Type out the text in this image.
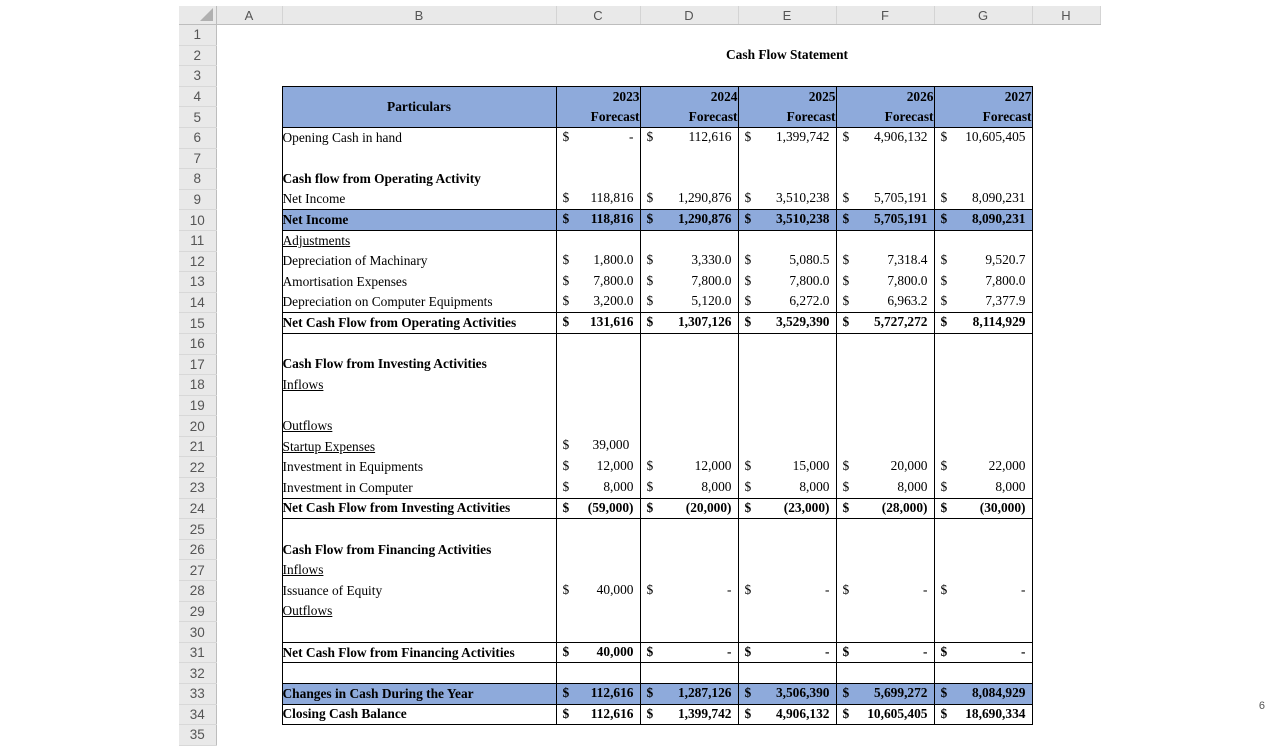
	A	B	C	D	E	F	G	H
1								
2				Cash Flow Statement				
3								
4		Particulars	2023	2024	2025	2026	2027	
5			Forecast	Forecast	Forecast	Forecast	Forecast	
6		Opening Cash in hand	$ -	$ 112,616	$ 1,399,742	$ 4,906,132	$ 10,605,405	

7								
8		Cash flow from Operating Activity						
9		Net Income	$ 118,816	$ 1,290,876	$ 3,510,238	$ 5,705,191	$ 8,090,231	

10		Net Income	$ 118,816	$ 1,290,876	$ 3,510,238	$ 5,705,191	$ 8,090,231	

11		Adjustments						
12		Depreciation of Machinary	$ 1,800.0	$ 3,330.0	$ 5,080.5	$ 7,318.4	$ 9,520.7	

13		Amortisation Expenses	$ 7,800.0	$ 7,800.0	$ 7,800.0	$ 7,800.0	$ 7,800.0	

14		Depreciation on Computer Equipments	$ 3,200.0	$ 5,120.0	$ 6,272.0	$ 6,963.2	$ 7,377.9	

15		Net Cash Flow from Operating Activities	$ 131,616	$ 1,307,126	$ 3,529,390	$ 5,727,272	$ 8,114,929	

16								
17		Cash Flow from Investing Activities						
18		Inflows						
19								
20		Outflows						
21		Startup Expenses	$ 39,000					

22		Investment in Equipments	$ 12,000	$ 12,000	$ 15,000	$ 20,000	$ 22,000	

23		Investment in Computer	$ 8,000	$ 8,000	$ 8,000	$ 8,000	$ 8,000	

24		Net Cash Flow from Investing Activities	$ (59,000)	$ (20,000)	$ (23,000)	$ (28,000)	$ (30,000)	

25								
26		Cash Flow from Financing Activities						
27		Inflows						
28		Issuance of Equity	$ 40,000	$ -	$ -	$ -	$ -	

29		Outflows						
30								
31		Net Cash Flow from Financing Activities	$ 40,000	$ -	$ -	$ -	$ -	

32								
33		Changes in Cash During the Year	$ 112,616	$ 1,287,126	$ 3,506,390	$ 5,699,272	$ 8,084,929	

34		Closing Cash Balance	$ 112,616	$ 1,399,742	$ 4,906,132	$ 10,605,405	$ 18,690,334	

35								
6
